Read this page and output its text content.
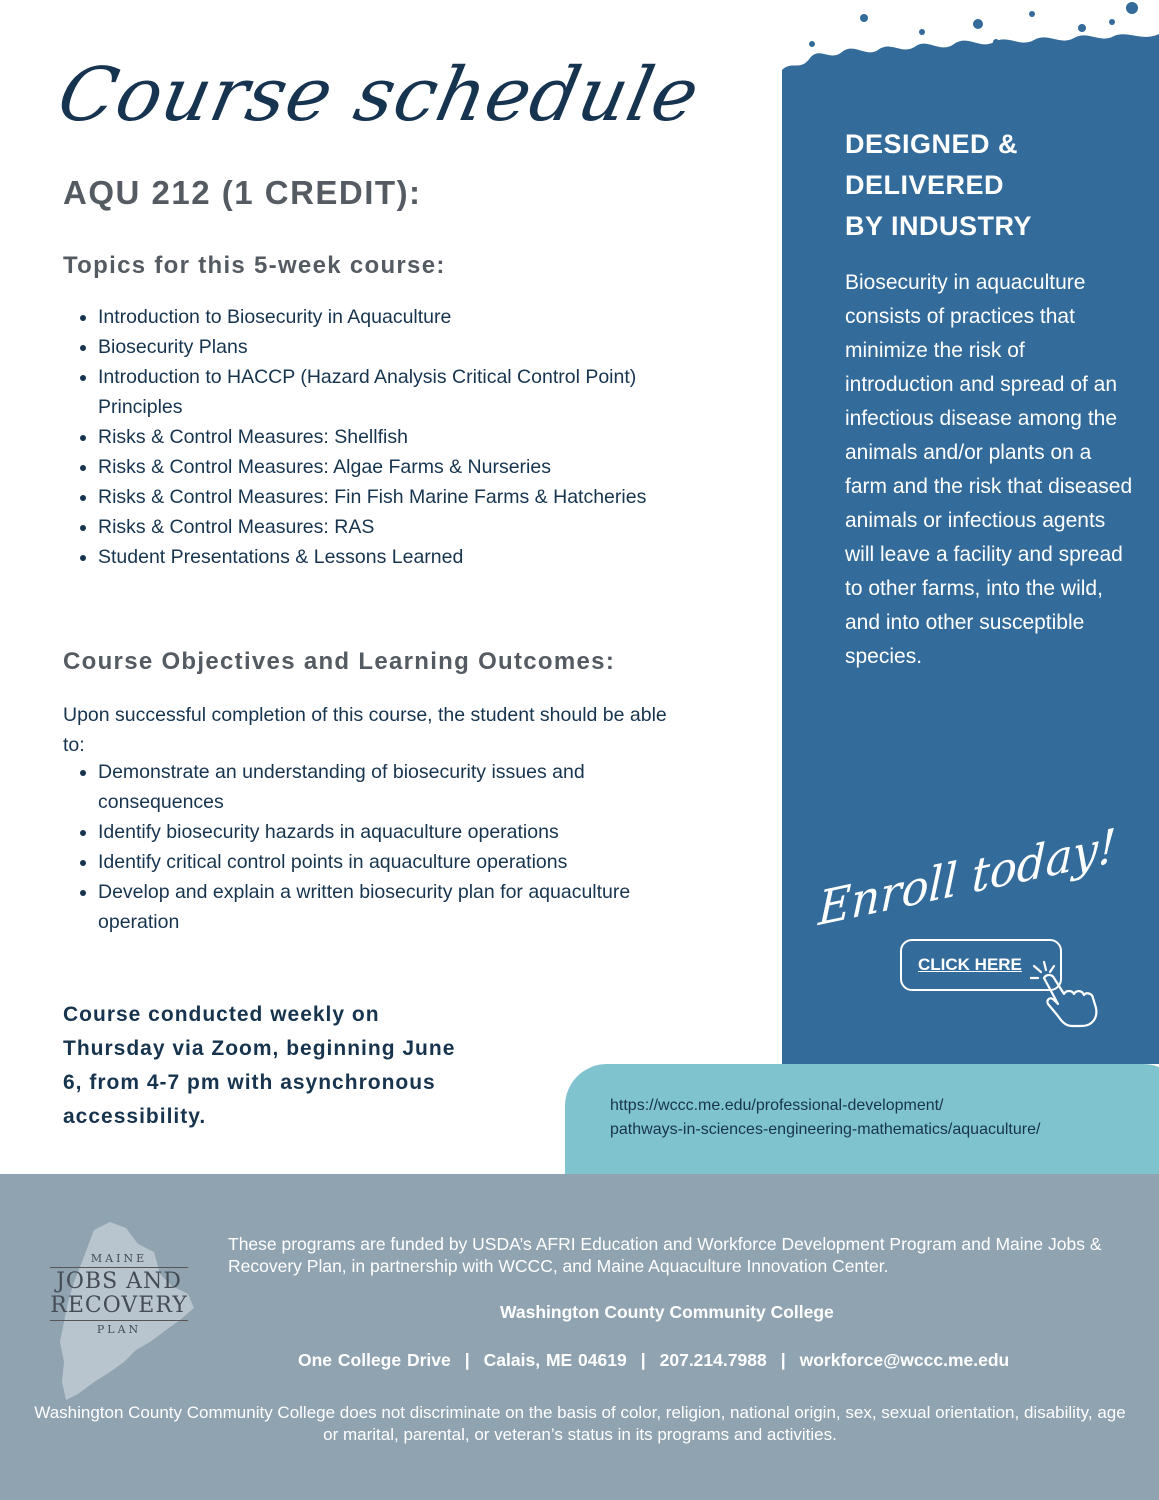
Course schedule
AQU 212 (1 CREDIT):
Topics for this 5-week course:
• Introduction to Biosecurity in Aquaculture
• Biosecurity Plans
• Introduction to HACCP (Hazard Analysis Critical Control Point) Principles
• Risks & Control Measures: Shellfish
• Risks & Control Measures: Algae Farms & Nurseries
• Risks & Control Measures: Fin Fish Marine Farms & Hatcheries
• Risks & Control Measures: RAS
• Student Presentations & Lessons Learned
Course Objectives and Learning Outcomes:

Upon successful completion of this course, the student should be able to:

• Demonstrate an understanding of biosecurity issues and consequences
• Identify biosecurity hazards in aquaculture operations
• Identify critical control points in aquaculture operations
• Develop and explain a written biosecurity plan for aquaculture operation

Course conducted weekly on Thursday via Zoom, beginning June 6, from 4-7 pm with asynchronous accessibility.

DESIGNED &
DELIVERED
BY INDUSTRY

Biosecurity in aquaculture consists of practices that minimize the risk of introduction and spread of an infectious disease among the animals and/or plants on a farm and the risk that diseased animals or infectious agents will leave a facility and spread to other farms, into the wild, and into other susceptible species.

Enroll today!
CLICK HERE

https://wccc.me.edu/professional-development/
pathways-in-sciences-engineering-mathematics/aquaculture/

MAINE
JOBS AND
RECOVERY
PLAN

These programs are funded by USDA’s AFRI Education and Workforce Development Program and Maine Jobs & Recovery Plan, in partnership with WCCC, and Maine Aquaculture Innovation Center.

Washington County Community College

One College Drive | Calais, ME 04619 | 207.214.7988 | workforce@wccc.me.edu

Washington County Community College does not discriminate on the basis of color, religion, national origin, sex, sexual orientation, disability, age or marital, parental, or veteran’s status in its programs and activities.
